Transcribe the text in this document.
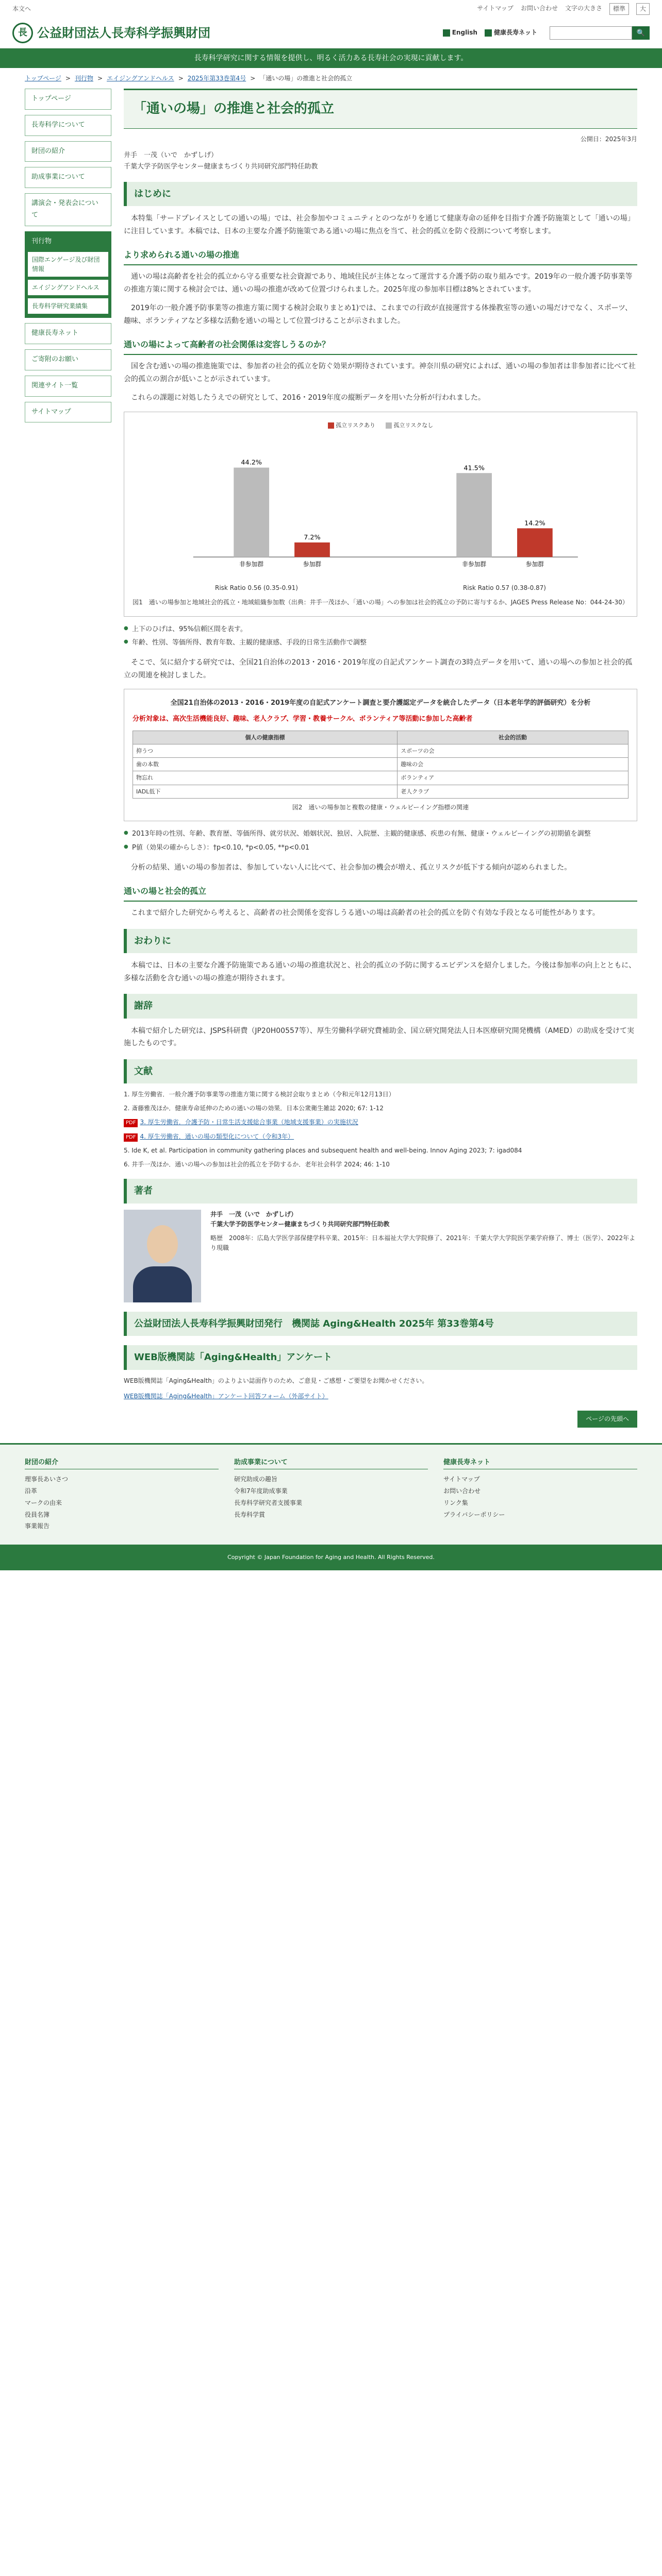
本文へ	サイトマップ お問い合わせ 文字の大きさ	標準	大
長 公益財団法人長寿科学振興財団	English	健康長寿ネット	🔍
長寿科学研究に関する情報を提供し、明るく活力ある長寿社会の実現に貢献します。
トップページ > 刊行物 > エイジングアンドヘルス > 2025年第33巻第4号 > 「通いの場」の推進と社会的孤立
トップページ
長寿科学について
財団の紹介
助成事業について
講演会・発表会について
刊行物
国際エンゲージ及び財団情報
エイジングアンドヘルス
長寿科学研究業績集
健康長寿ネット
ご寄附のお願い
関連サイト一覧
サイトマップ
「通いの場」の推進と社会的孤立
公開日：2025年3月
井手　一茂（いで　かずしげ）
千葉大学予防医学センター健康まちづくり共同研究部門特任助教
はじめに

本特集「サードプレイスとしての通いの場」では、社会参加やコミュニティとのつながりを通じて健康寿命の延伸を目指す介護予防施策として「通いの場」に注目しています。本稿では、日本の主要な介護予防施策である通いの場に焦点を当て、社会的孤立を防ぐ役割について考察します。

より求められる通いの場の推進

通いの場は高齢者を社会的孤立から守る重要な社会資源であり、地域住民が主体となって運営する介護予防の取り組みです。2019年の一般介護予防事業等の推進方策に関する検討会では、通いの場の推進が改めて位置づけられました。2025年度の参加率目標は8%とされています。

2019年の一般介護予防事業等の推進方策に関する検討会取りまとめ1)では、これまでの行政が直接運営する体操教室等の通いの場だけでなく、スポーツ、趣味、ボランティアなど多様な活動を通いの場として位置づけることが示されました。

通いの場によって高齢者の社会関係は変容しうるのか？

国を含む通いの場の推進施策では、参加者の社会的孤立を防ぐ効果が期待されています。神奈川県の研究によれば、通いの場の参加者は非参加者に比べて社会的孤立の割合が低いことが示されています。

これらの課題に対処したうえでの研究として、2016・2019年度の縦断データを用いた分析が行われました。

孤立リスクあり	孤立リスクなし
44.2%
非参加群
7.2%
参加群
41.5%
非参加群
14.2%
参加群
Risk Ratio 0.56 (0.35-0.91)	Risk Ratio 0.57 (0.38-0.87)
図1　通いの場参加と地域社会的孤立・地域組織参加数（出典：井手一茂ほか、「通いの場」への参加は社会的孤立の予防に寄与するか、JAGES Press Release No：044-24-30）
● 上下のひげは、95%信頼区間を表す。
● 年齢、性別、等価所得、教育年数、主観的健康感、手段的日常生活動作で調整

そこで、気に紹介する研究では、全国21自治体の2013・2016・2019年度の自記式アンケート調査の3時点データを用いて、通いの場への参加と社会的孤立の関連を検討しました。

全国21自治体の2013・2016・2019年度の自記式アンケート調査と要介護認定データを統合したデータ（日本老年学的評価研究）を分析
分析対象は、高次生活機能良好、趣味、老人クラブ、学習・教養サークル、ボランティア等活動に参加した高齢者
個人の健康指標	社会的活動
抑うつ	スポーツの会
歯の本数	趣味の会
物忘れ	ボランティア
IADL低下	老人クラブ
図2　通いの場参加と複数の健康・ウェルビーイング指標の関連
● 2013年時の性別、年齢、教育歴、等価所得、就労状況、婚姻状況、独居、入院歴、主観的健康感、疾患の有無、健康・ウェルビーイングの初期値を調整
● P値（効果の確からしさ）：†p<0.10, *p<0.05, **p<0.01

分析の結果、通いの場の参加者は、参加していない人に比べて、社会参加の機会が増え、孤立リスクが低下する傾向が認められました。

通いの場と社会的孤立

これまで紹介した研究から考えると、高齢者の社会関係を変容しうる通いの場は高齢者の社会的孤立を防ぐ有効な手段となる可能性があります。

おわりに

本稿では、日本の主要な介護予防施策である通いの場の推進状況と、社会的孤立の予防に関するエビデンスを紹介しました。今後は参加率の向上とともに、多様な活動を含む通いの場の推進が期待されます。

謝辞

本稿で紹介した研究は、JSPS科研費（JP20H00557等）、厚生労働科学研究費補助金、国立研究開発法人日本医療研究開発機構（AMED）の助成を受けて実施したものです。

文献
1. 厚生労働省．一般介護予防事業等の推進方策に関する検討会取りまとめ（令和元年12月13日）
2. 斎藤雅茂ほか．健康寿命延伸のための通いの場の効果．日本公衆衛生雑誌 2020; 67: 1-12
PDF 3. 厚生労働省．介護予防・日常生活支援総合事業（地域支援事業）の実施状況
PDF 4. 厚生労働省．通いの場の類型化について（令和3年）
5. Ide K, et al. Participation in community gathering places and subsequent health and well-being. Innov Aging 2023; 7: igad084
6. 井手一茂ほか．通いの場への参加は社会的孤立を予防するか．老年社会科学 2024; 46: 1-10
著者
井手　一茂（いで　かずしげ）
千葉大学予防医学センター健康まちづくり共同研究部門特任助教
略歴　2008年：広島大学医学部保健学科卒業、2015年：日本福祉大学大学院修了、2021年：千葉大学大学院医学薬学府修了、博士（医学）、2022年より現職
公益財団法人長寿科学振興財団発行　機関誌 Aging&Health 2025年 第33巻第4号
WEB版機関誌「Aging&Health」アンケート
WEB版機関誌「Aging&Health」のよりよい誌面作りのため、ご意見・ご感想・ご要望をお聞かせください。
WEB版機関誌「Aging&Health」アンケート回答フォーム（外部サイト）
ページの先頭へ
財団の紹介
理事長あいさつ
沿革
マークの由来
役員名簿
事業報告
助成事業について
研究助成の趣旨
令和7年度助成事業
長寿科学研究者支援事業
長寿科学賞
健康長寿ネット
サイトマップ
お問い合わせ
リンク集
プライバシーポリシー
Copyright © Japan Foundation for Aging and Health. All Rights Reserved.
